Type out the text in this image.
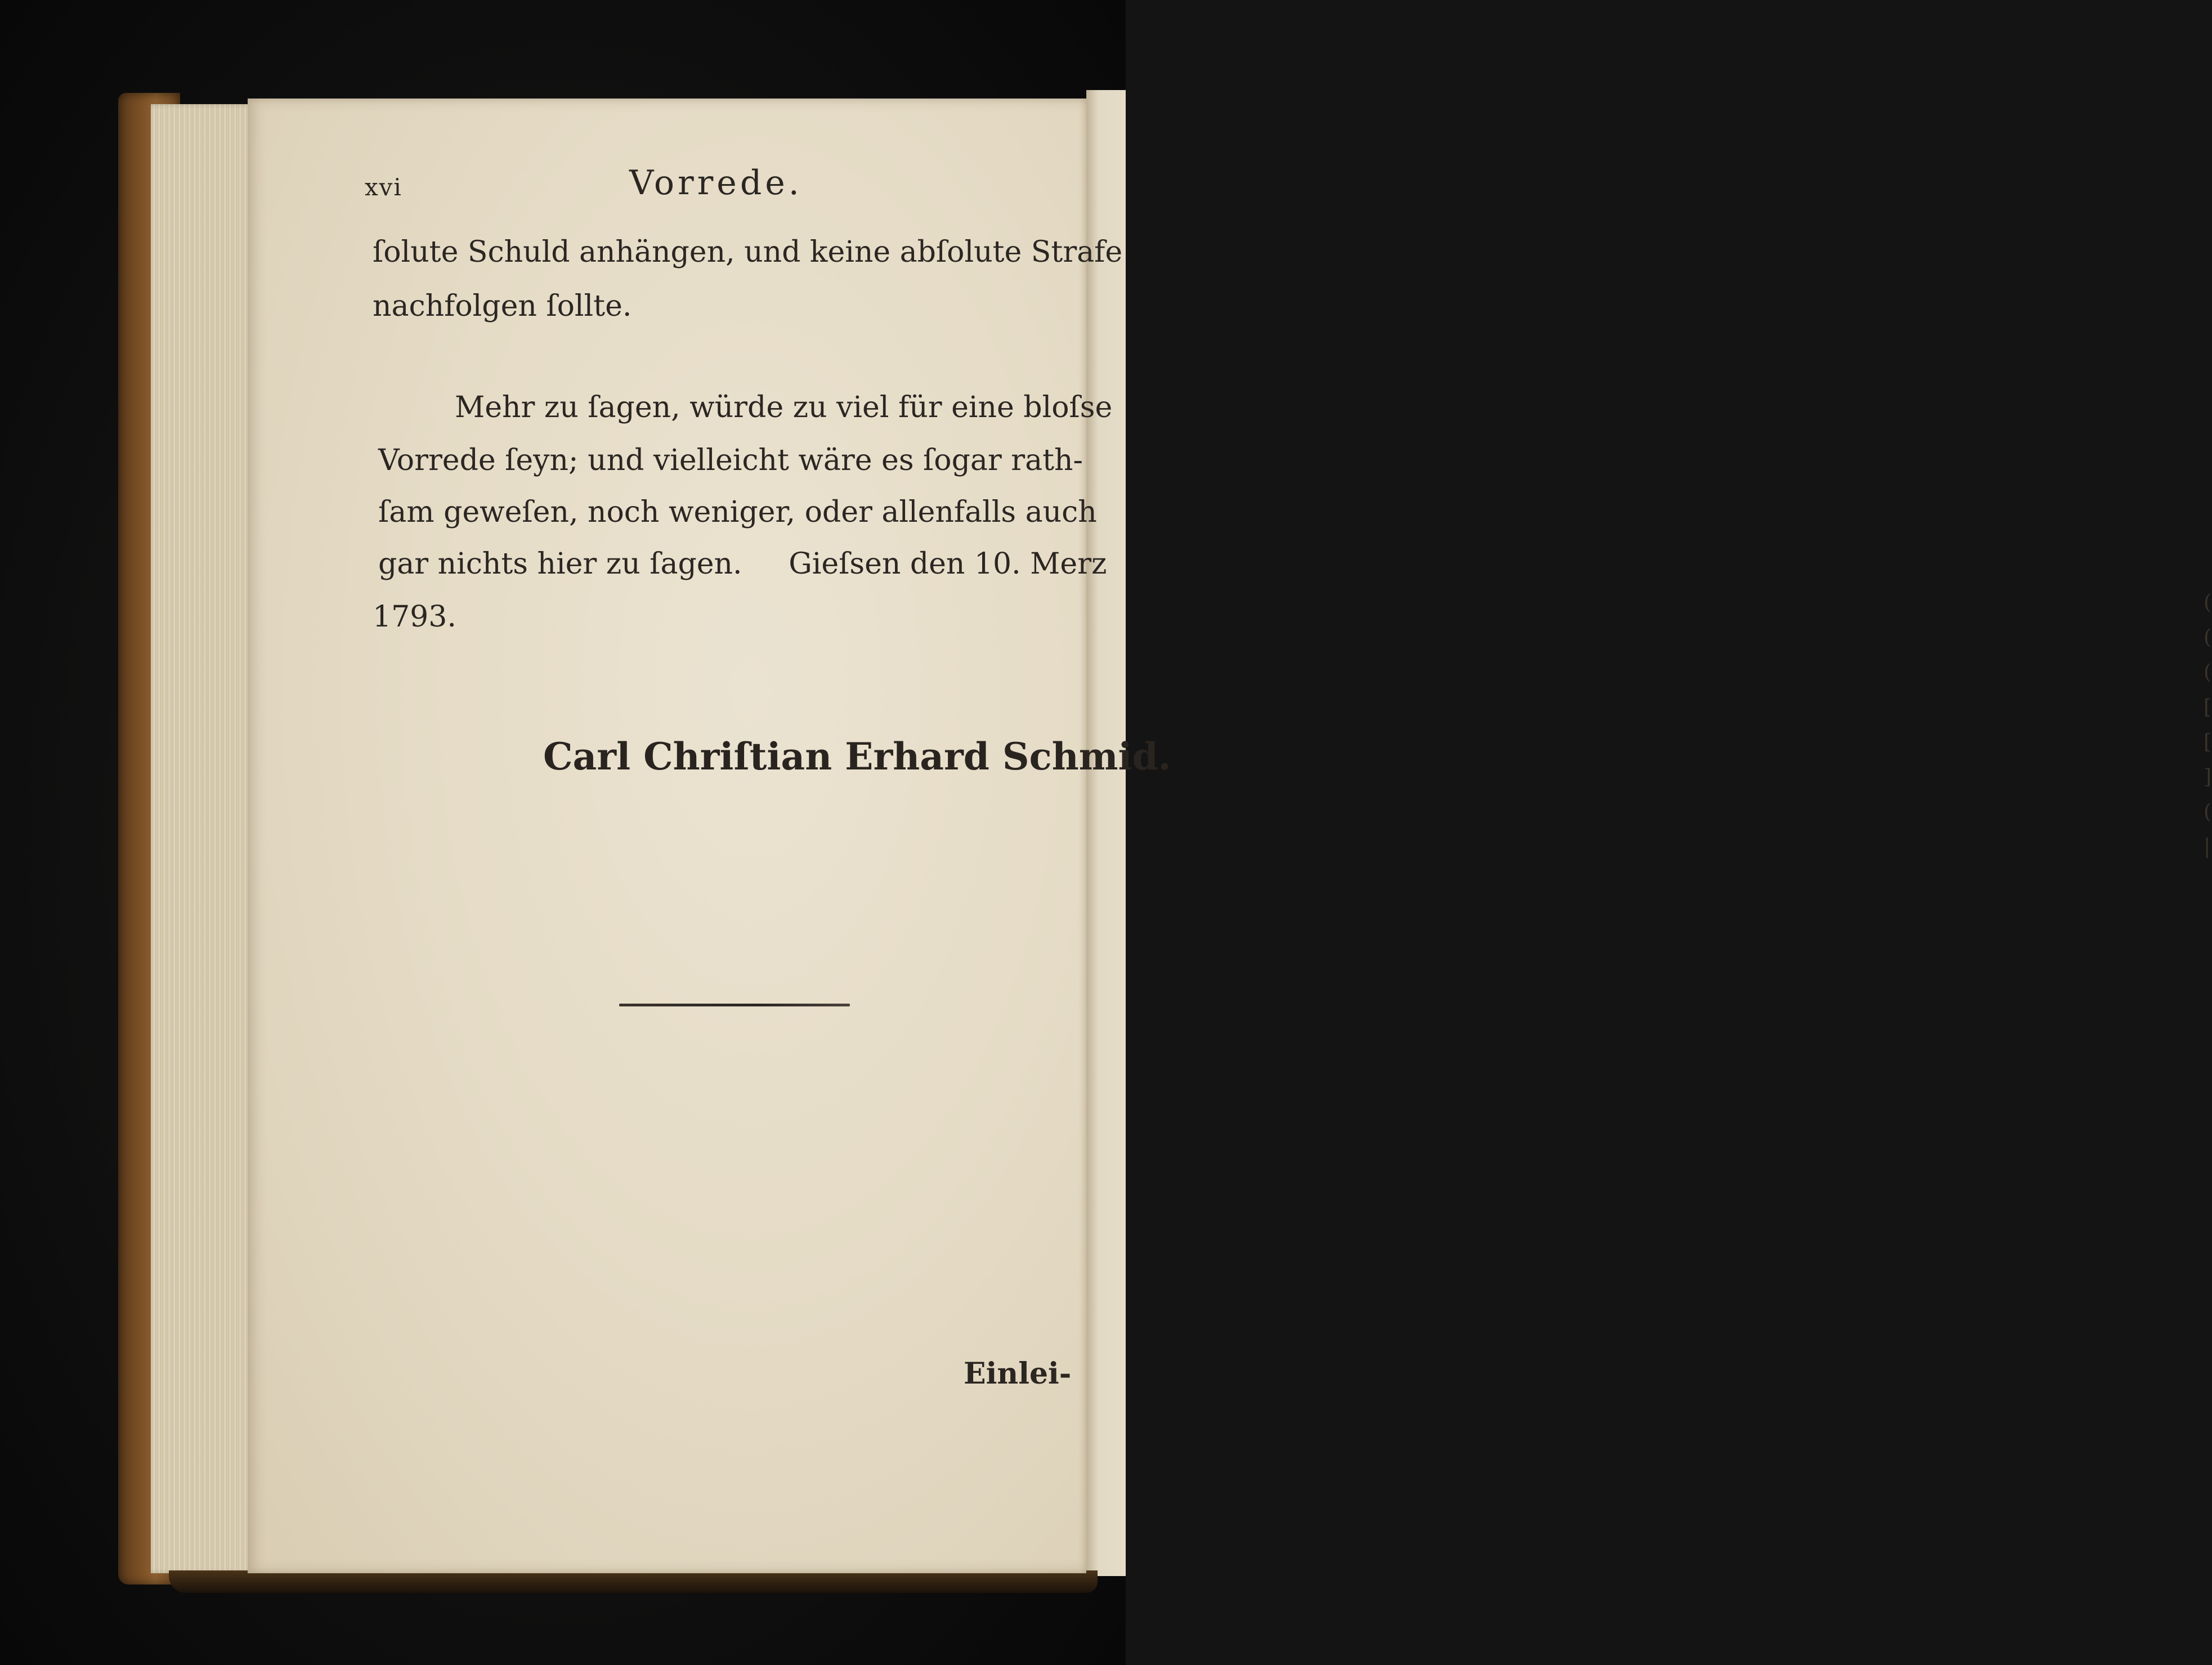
( ( ( [ [ ] ( |
xvi	Vorrede.
ſolute Schuld anhängen, und keine abſolute Strafe
nachfolgen ſollte.
Mehr zu ſagen, würde zu viel für eine bloſse
Vorrede ſeyn; und vielleicht wäre es ſogar rath-
ſam geweſen, noch weniger, oder allenfalls auch
gar nichts hier zu ſagen.     Gieſsen den 10. Merz
1793.
Carl Chriſtian Erhard Schmid.
Einlei-
